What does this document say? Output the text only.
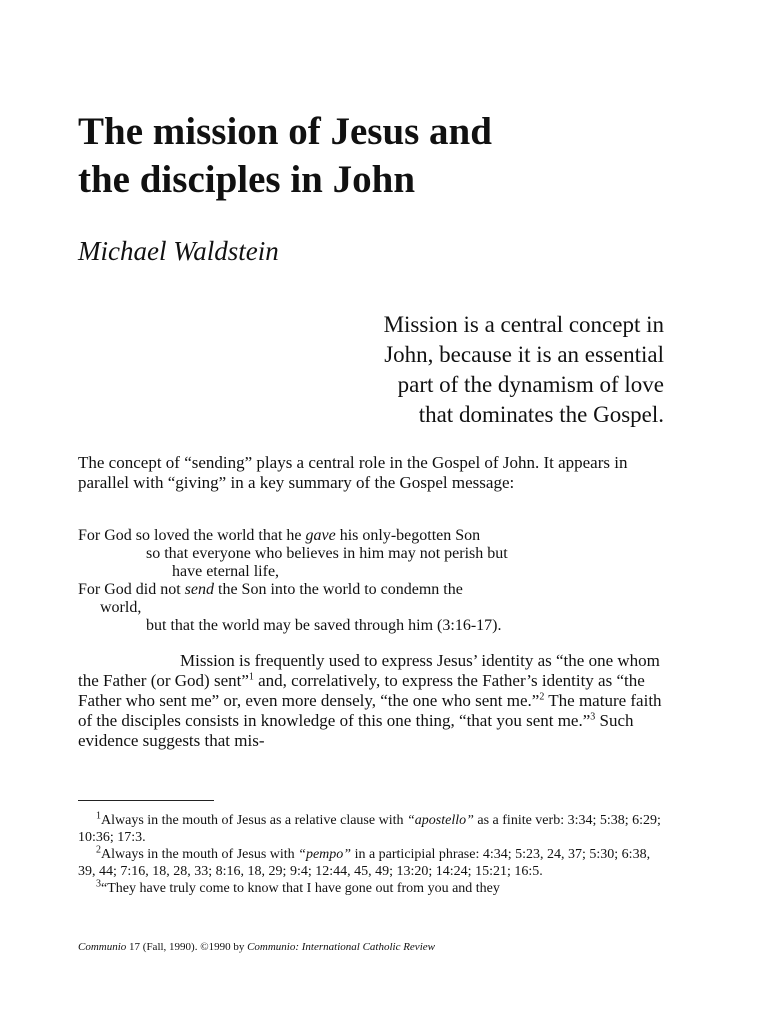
The mission of Jesus and
the disciples in John

Michael Waldstein

Mission is a central concept in
John, because it is an essential
part of the dynamism of love
that dominates the Gospel.

The concept of “sending” plays a central role in the Gospel of John. It appears in parallel with “giving” in a key summary of the Gospel message:

For God so loved the world that he gave his only-begotten Son
so that everyone who believes in him may not perish but
have eternal life,
For God did not send the Son into the world to condemn the
world,
but that the world may be saved through him (3:16-17).

Mission is frequently used to express Jesus’ identity as “the one whom the Father (or God) sent”$^1$ and, correlatively, to express the Father’s identity as “the Father who sent me” or, even more densely, “the one who sent me.”$^2$ The mature faith of the disciples consists in knowledge of this one thing, “that you sent me.”$^3$ Such evidence suggests that mis-

$^1$Always in the mouth of Jesus as a relative clause with “apostello” as a finite verb: 3:34; 5:38; 6:29; 10:36; 17:3.

$^2$Always in the mouth of Jesus with “pempo” in a participial phrase: 4:34; 5:23, 24, 37; 5:30; 6:38, 39, 44; 7:16, 18, 28, 33; 8:16, 18, 29; 9:4; 12:44, 45, 49; 13:20; 14:24; 15:21; 16:5.

$^3$“They have truly come to know that I have gone out from you and they

Communio 17 (Fall, 1990). ©1990 by Communio: International Catholic Review
